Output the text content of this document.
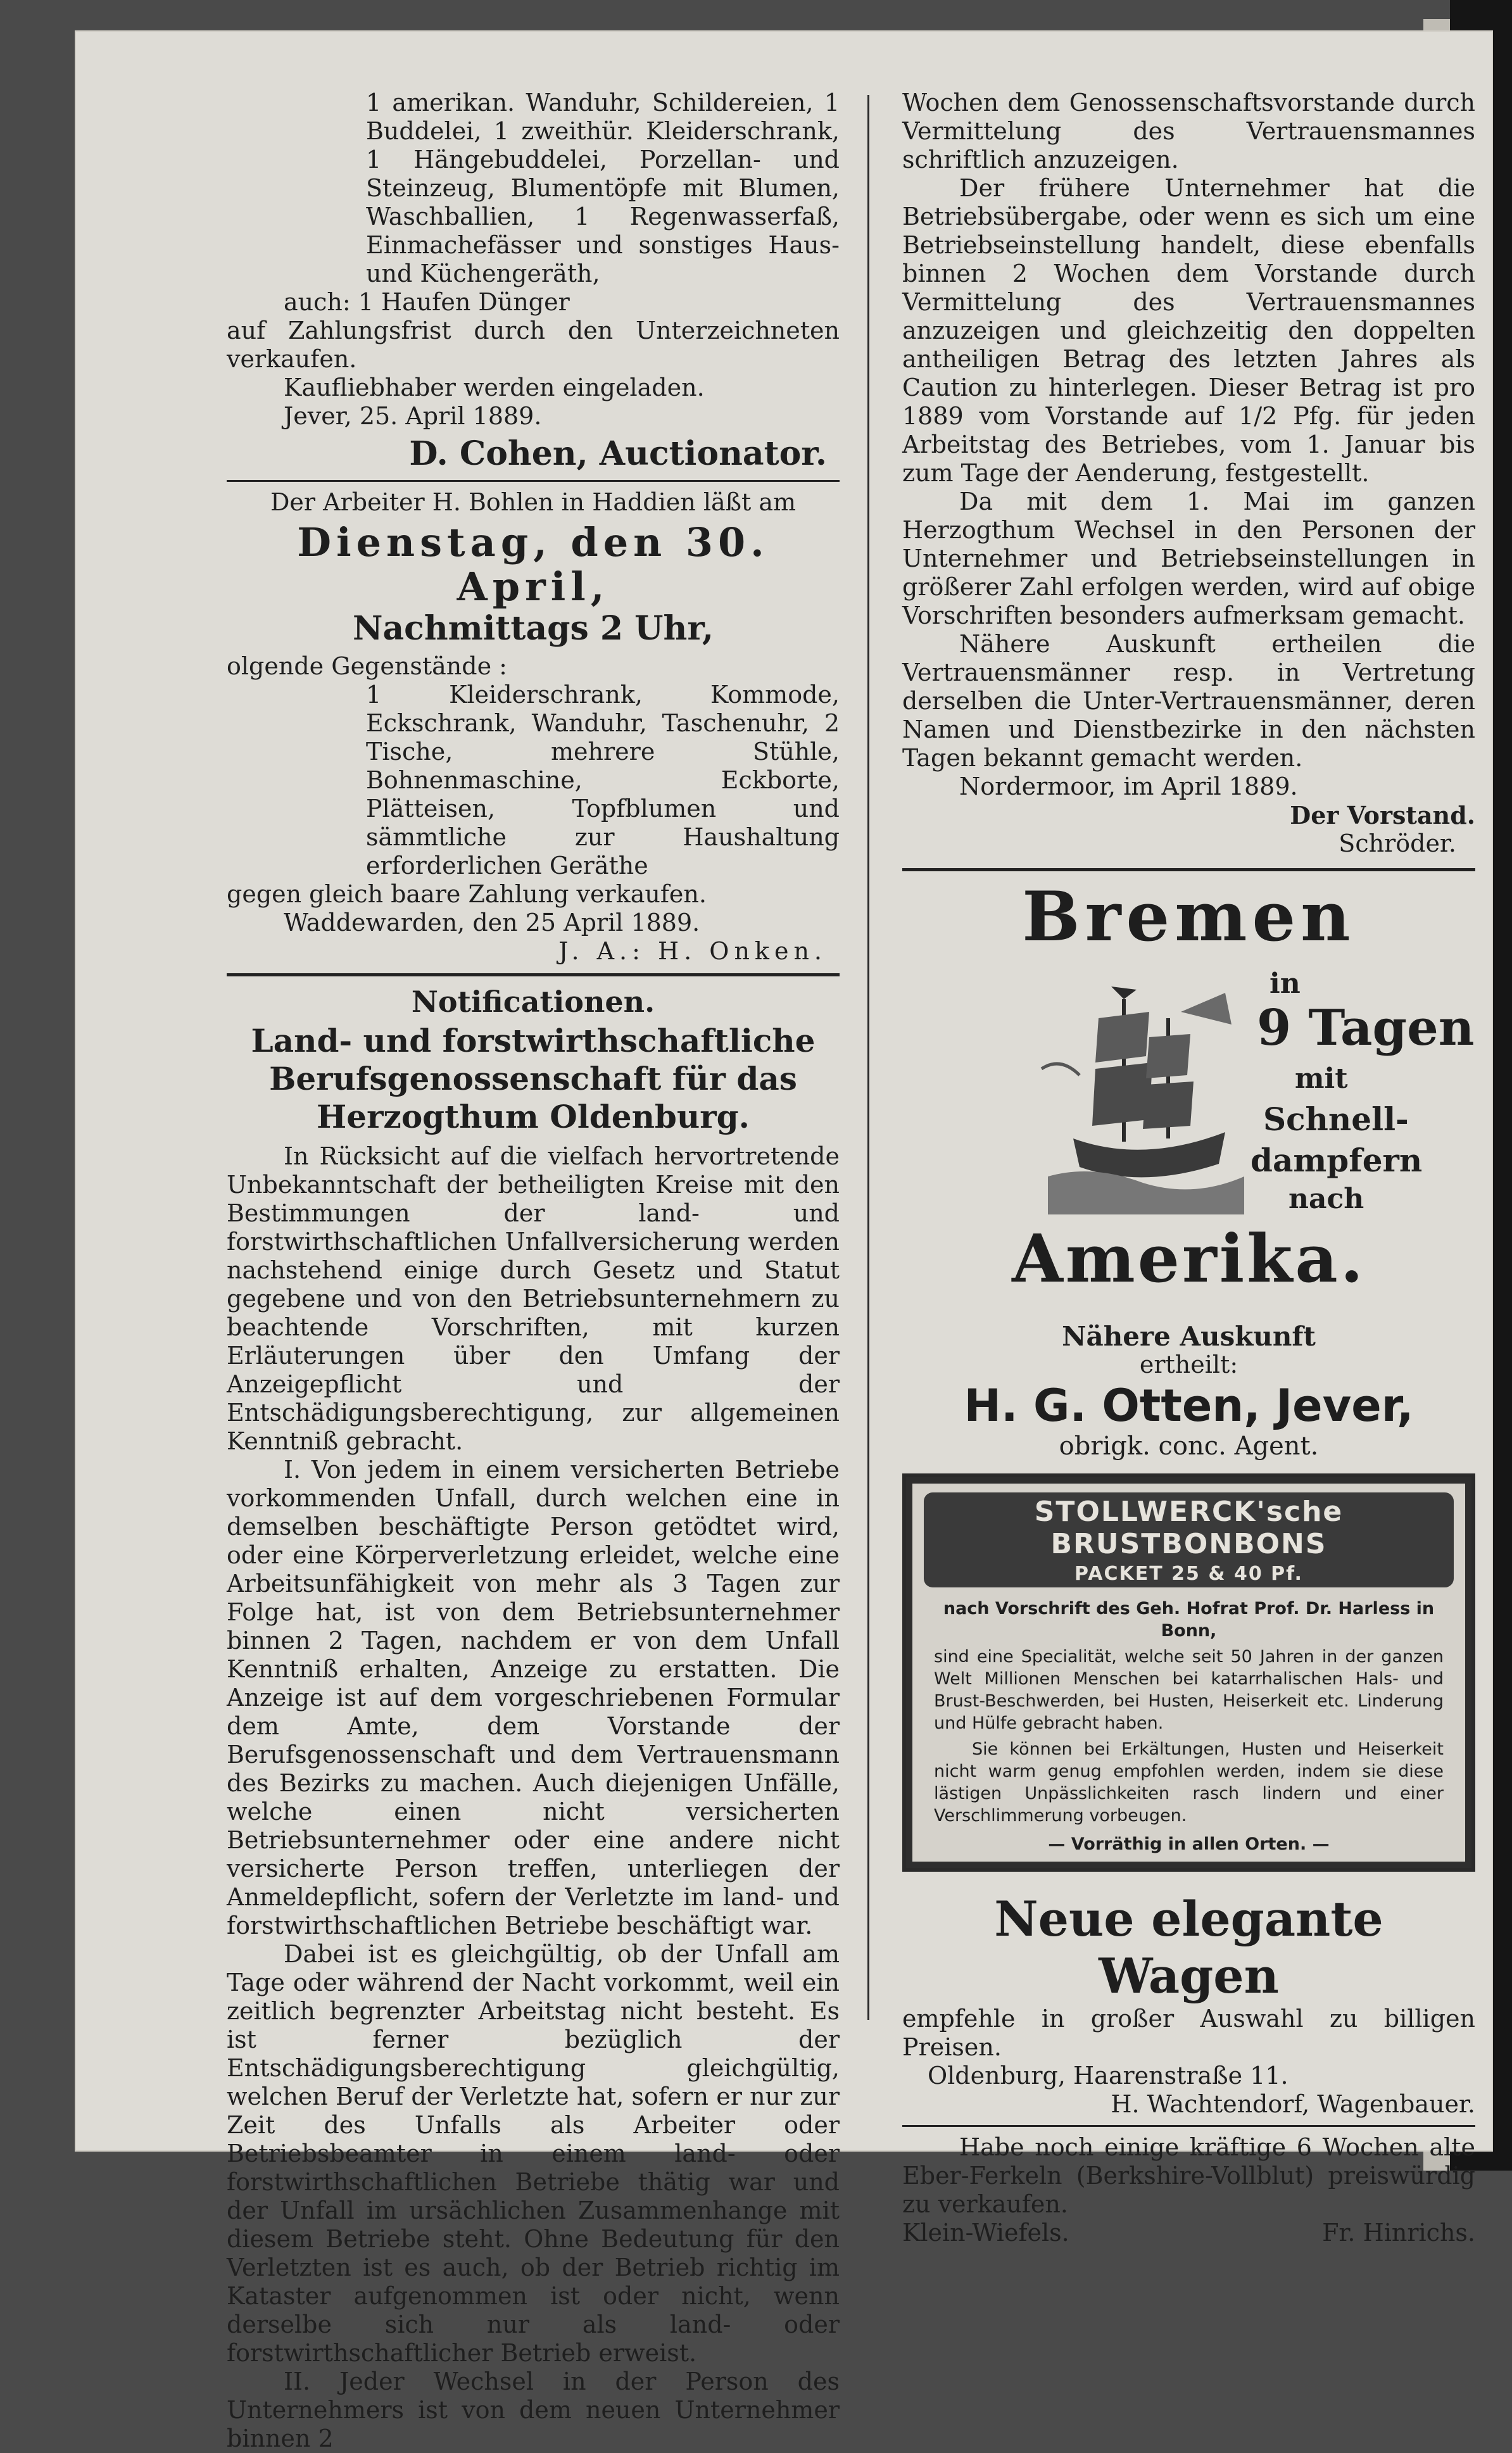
1 amerikan. Wanduhr, Schildereien, 1 Buddelei, 1 zweithür. Kleiderschrank, 1 Hängebuddelei, Porzellan- und Steinzeug, Blumentöpfe mit Blumen, Waschballien, 1 Regenwasserfaß, Einmachefässer und sonstiges Haus- und Küchengeräth,

auch: 1 Haufen Dünger

auf Zahlungsfrist durch den Unterzeichneten verkaufen.

Kaufliebhaber werden eingeladen.

Jever, 25. April 1889.

D. Cohen, Auctionator.

Der Arbeiter H. Bohlen in Haddien läßt am

Dienstag, den 30. April,

Nachmittags 2 Uhr,

olgende Gegenstände :

1 Kleiderschrank, Kommode, Eckschrank, Wanduhr, Taschenuhr, 2 Tische, mehrere Stühle, Bohnenmaschine, Eckborte, Plätteisen, Topfblumen und sämmtliche zur Haushaltung erforderlichen Geräthe

gegen gleich baare Zahlung verkaufen.

Waddewarden, den 25 April 1889.

J. A.: H. Onken.

Notificationen.

Land- und forstwirthschaftliche Berufsgenossenschaft für das Herzogthum Oldenburg.

In Rücksicht auf die vielfach hervortretende Unbekanntschaft der betheiligten Kreise mit den Bestimmungen der land- und forstwirthschaftlichen Unfallversicherung werden nachstehend einige durch Gesetz und Statut gegebene und von den Betriebsunternehmern zu beachtende Vorschriften, mit kurzen Erläuterungen über den Umfang der Anzeigepflicht und der Entschädigungsberechtigung, zur allgemeinen Kenntniß gebracht.

I. Von jedem in einem versicherten Betriebe vorkommenden Unfall, durch welchen eine in demselben beschäftigte Person getödtet wird, oder eine Körperverletzung erleidet, welche eine Arbeitsunfähigkeit von mehr als 3 Tagen zur Folge hat, ist von dem Betriebsunternehmer binnen 2 Tagen, nachdem er von dem Unfall Kenntniß erhalten, Anzeige zu erstatten. Die Anzeige ist auf dem vorgeschriebenen Formular dem Amte, dem Vorstande der Berufsgenossenschaft und dem Vertrauensmann des Bezirks zu machen. Auch diejenigen Unfälle, welche einen nicht versicherten Betriebsunternehmer oder eine andere nicht versicherte Person treffen, unterliegen der Anmeldepflicht, sofern der Verletzte im land- und forstwirthschaftlichen Betriebe beschäftigt war.

Dabei ist es gleichgültig, ob der Unfall am Tage oder während der Nacht vorkommt, weil ein zeitlich begrenzter Arbeitstag nicht besteht. Es ist ferner bezüglich der Entschädigungsberechtigung gleichgültig, welchen Beruf der Verletzte hat, sofern er nur zur Zeit des Unfalls als Arbeiter oder Betriebsbeamter in einem land- oder forstwirthschaftlichen Betriebe thätig war und der Unfall im ursächlichen Zusammenhange mit diesem Betriebe steht. Ohne Bedeutung für den Verletzten ist es auch, ob der Betrieb richtig im Kataster aufgenommen ist oder nicht, wenn derselbe sich nur als land- oder forstwirthschaftlicher Betrieb erweist.

II. Jeder Wechsel in der Person des Unternehmers ist von dem neuen Unternehmer binnen 2

Wochen dem Genossenschaftsvorstande durch Vermittelung des Vertrauensmannes schriftlich anzuzeigen.

Der frühere Unternehmer hat die Betriebsübergabe, oder wenn es sich um eine Betriebseinstellung handelt, diese ebenfalls binnen 2 Wochen dem Vorstande durch Vermittelung des Vertrauensmannes anzuzeigen und gleichzeitig den doppelten antheiligen Betrag des letzten Jahres als Caution zu hinterlegen. Dieser Betrag ist pro 1889 vom Vorstande auf 1/2 Pfg. für jeden Arbeitstag des Betriebes, vom 1. Januar bis zum Tage der Aenderung, festgestellt.

Da mit dem 1. Mai im ganzen Herzogthum Wechsel in den Personen der Unternehmer und Betriebseinstellungen in größerer Zahl erfolgen werden, wird auf obige Vorschriften besonders aufmerksam gemacht.

Nähere Auskunft ertheilen die Vertrauensmänner resp. in Vertretung derselben die Unter-Vertrauensmänner, deren Namen und Dienstbezirke in den nächsten Tagen bekannt gemacht werden.

Nordermoor, im April 1889.

Der Vorstand.

Schröder.

Bremen
in
9 Tagen
mit
Schnell-
dampfern
nach
Amerika.

Nähere Auskunft

ertheilt:

H. G. Otten, Jever,

obrigk. conc. Agent.

STOLLWERCK'sche BRUSTBONBONS
PACKET 25 & 40 Pf.

nach Vorschrift des Geh. Hofrat Prof. Dr. Harless in Bonn,

sind eine Specialität, welche seit 50 Jahren in der ganzen Welt Millionen Menschen bei katarrhalischen Hals- und Brust-Beschwerden, bei Husten, Heiserkeit etc. Linderung und Hülfe gebracht haben.

Sie können bei Erkältungen, Husten und Heiserkeit nicht warm genug empfohlen werden, indem sie diese lästigen Unpässlichkeiten rasch lindern und einer Verschlimmerung vorbeugen.

— Vorräthig in allen Orten. —

Neue elegante Wagen

empfehle in großer Auswahl zu billigen Preisen.

Oldenburg, Haarenstraße 11.

H. Wachtendorf, Wagenbauer.

Habe noch einige kräftige 6 Wochen alte Eber-Ferkeln (Berkshire-Vollblut) preiswürdig zu verkaufen.

Klein-Wiefels.	Fr. Hinrichs.
